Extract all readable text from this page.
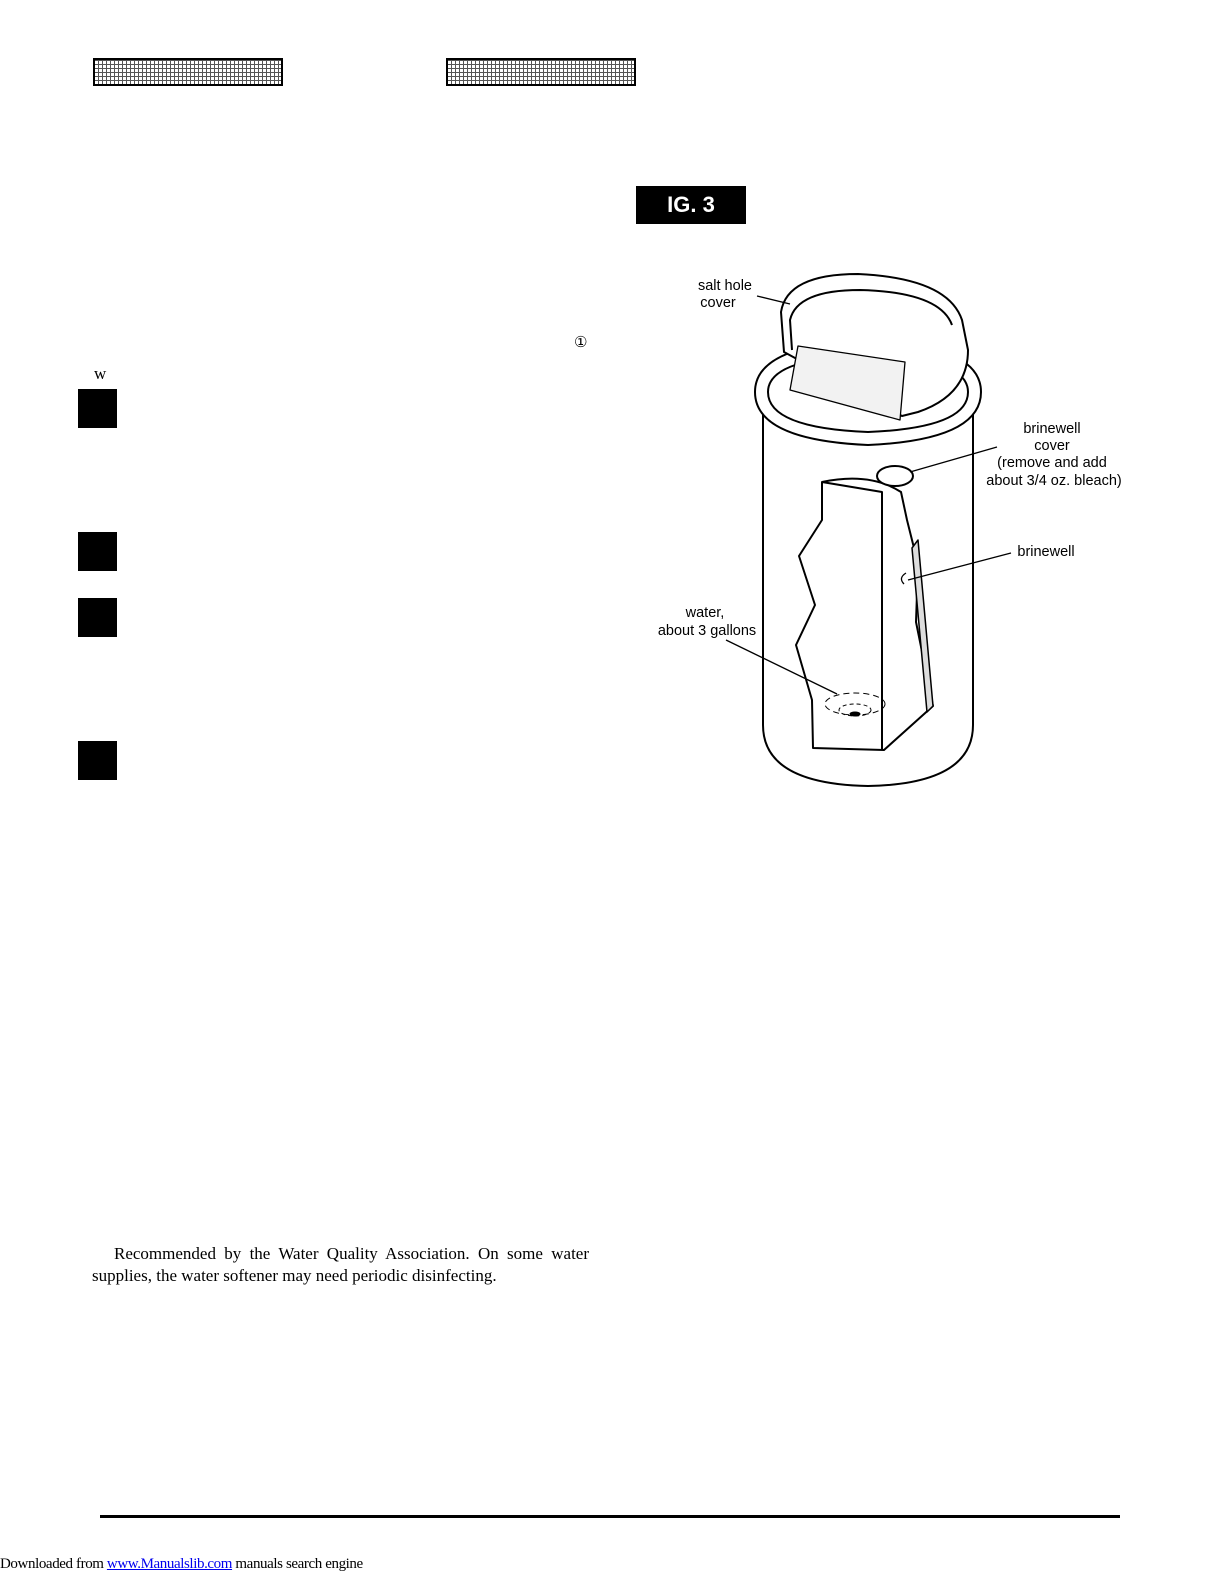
IG. 3
w
①
salt hole cover
brinewell cover (remove and add about 3/4 oz. bleach)
brinewell
water, about 3 gallons

Recommended by the Water Quality Association. On some water supplies, the water softener may need periodic disinfecting.

Downloaded from www.Manualslib.com manuals search engine
